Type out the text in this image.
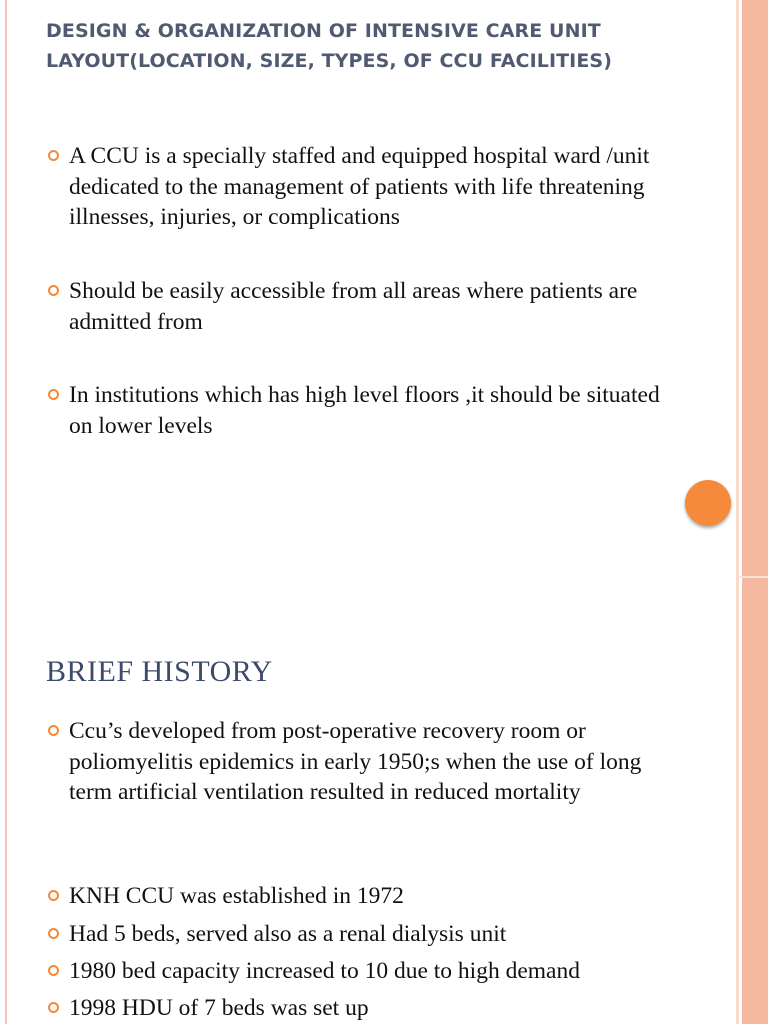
DESIGN & ORGANIZATION OF INTENSIVE CARE UNIT
LAYOUT(LOCATION, SIZE, TYPES, OF CCU FACILITIES)
A CCU is a specially staffed and equipped hospital ward /unit dedicated to the management of patients with life threatening illnesses, injuries, or complications
Should be easily accessible from all areas where patients are admitted from
In institutions which has high level floors ,it should be situated on lower levels
BRIEF HISTORY
Ccu’s developed from post-operative recovery room or poliomyelitis epidemics in early 1950;s when the use of long term artificial ventilation resulted in reduced mortality
KNH CCU was established in 1972
Had 5 beds, served also as a renal dialysis unit
1980 bed capacity increased to 10 due to high demand
1998 HDU of 7 beds was set up
